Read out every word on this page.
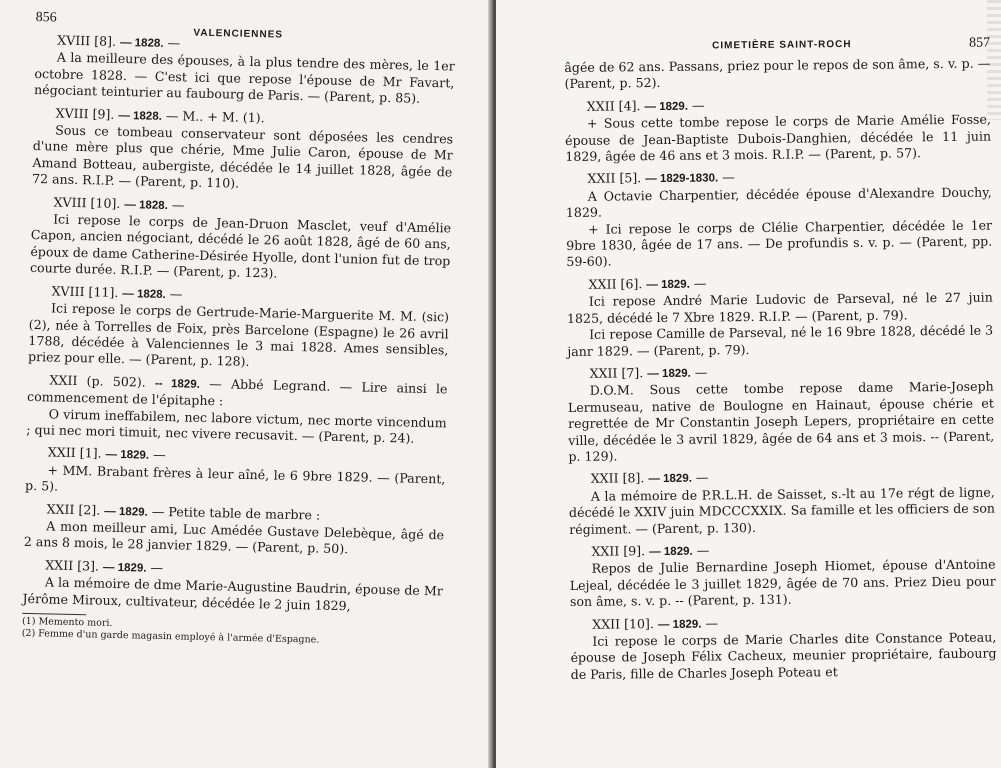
856
VALENCIENNES

XVIII [8]. — 1828. —

A la meilleure des épouses, à la plus tendre des mères, le 1er octobre 1828. — C'est ici que repose l'épouse de Mr Favart, négociant teinturier au faubourg de Paris. — (Parent, p. 85).

XVIII [9]. — 1828. — M.. + M. (1).

Sous ce tombeau conservateur sont déposées les cendres d'une mère plus que chérie, Mme Julie Caron, épouse de Mr Amand Botteau, aubergiste, décédée le 14 juillet 1828, âgée de 72 ans. R.I.P. — (Parent, p. 110).

XVIII [10]. — 1828. —

Ici repose le corps de Jean-Druon Masclet, veuf d'Amélie Capon, ancien négociant, décédé le 26 août 1828, âgé de 60 ans, époux de dame Catherine-Désirée Hyolle, dont l'union fut de trop courte durée. R.I.P. — (Parent, p. 123).

XVIII [11]. — 1828. —

Ici repose le corps de Gertrude-Marie-Marguerite M. M. (sic) (2), née à Torrelles de Foix, près Barcelone (Espagne) le 26 avril 1788, décédée à Valenciennes le 3 mai 1828. Ames sensibles, priez pour elle. — (Parent, p. 128).

XXII (p. 502). -- 1829. — Abbé Legrand. — Lire ainsi le commencement de l'épitaphe :

O virum ineffabilem, nec labore victum, nec morte vincendum ; qui nec mori timuit, nec vivere recusavit. — (Parent, p. 24).

XXII [1]. — 1829. —

+ MM. Brabant frères à leur aîné, le 6 9bre 1829. — (Parent, p. 5).

XXII [2]. — 1829. — Petite table de marbre :

A mon meilleur ami, Luc Amédée Gustave Delebèque, âgé de 2 ans 8 mois, le 28 janvier 1829. — (Parent, p. 50).

XXII [3]. — 1829. —

A la mémoire de dme Marie-Augustine Baudrin, épouse de Mr Jérôme Miroux, cultivateur, décédée le 2 juin 1829,

(1) Memento mori.

(2) Femme d'un garde magasin employé à l'armée d'Espagne.

CIMETIÈRE SAINT-ROCH	857

âgée de 62 ans. Passans, priez pour le repos de son âme, s. v. p. — (Parent, p. 52).

XXII [4]. — 1829. —

+ Sous cette tombe repose le corps de Marie Amélie Fosse, épouse de Jean-Baptiste Dubois-Danghien, décédée le 11 juin 1829, âgée de 46 ans et 3 mois. R.I.P. — (Parent, p. 57).

XXII [5]. — 1829-1830. —

A Octavie Charpentier, décédée épouse d'Alexandre Douchy, 1829.

+ Ici repose le corps de Clélie Charpentier, décédée le 1er 9bre 1830, âgée de 17 ans. — De profundis s. v. p. — (Parent, pp. 59-60).

XXII [6]. — 1829. —

Ici repose André Marie Ludovic de Parseval, né le 27 juin 1825, décédé le 7 Xbre 1829. R.I.P. — (Parent, p. 79).

Ici repose Camille de Parseval, né le 16 9bre 1828, décédé le 3 janr 1829. — (Parent, p. 79).

XXII [7]. — 1829. —

D.O.M. Sous cette tombe repose dame Marie-Joseph Lermuseau, native de Boulogne en Hainaut, épouse chérie et regrettée de Mr Constantin Joseph Lepers, propriétaire en cette ville, décédée le 3 avril 1829, âgée de 64 ans et 3 mois. -- (Parent, p. 129).

XXII [8]. — 1829. —

A la mémoire de P.R.L.H. de Saisset, s.-lt au 17e régt de ligne, décédé le XXIV juin MDCCCXXIX. Sa famille et les officiers de son régiment. — (Parent, p. 130).

XXII [9]. — 1829. —

Repos de Julie Bernardine Joseph Hiomet, épouse d'Antoine Lejeal, décédée le 3 juillet 1829, âgée de 70 ans. Priez Dieu pour son âme, s. v. p. -- (Parent, p. 131).

XXII [10]. — 1829. —

Ici repose le corps de Marie Charles dite Constance Poteau, épouse de Joseph Félix Cacheux, meunier propriétaire, faubourg de Paris, fille de Charles Joseph Poteau et
